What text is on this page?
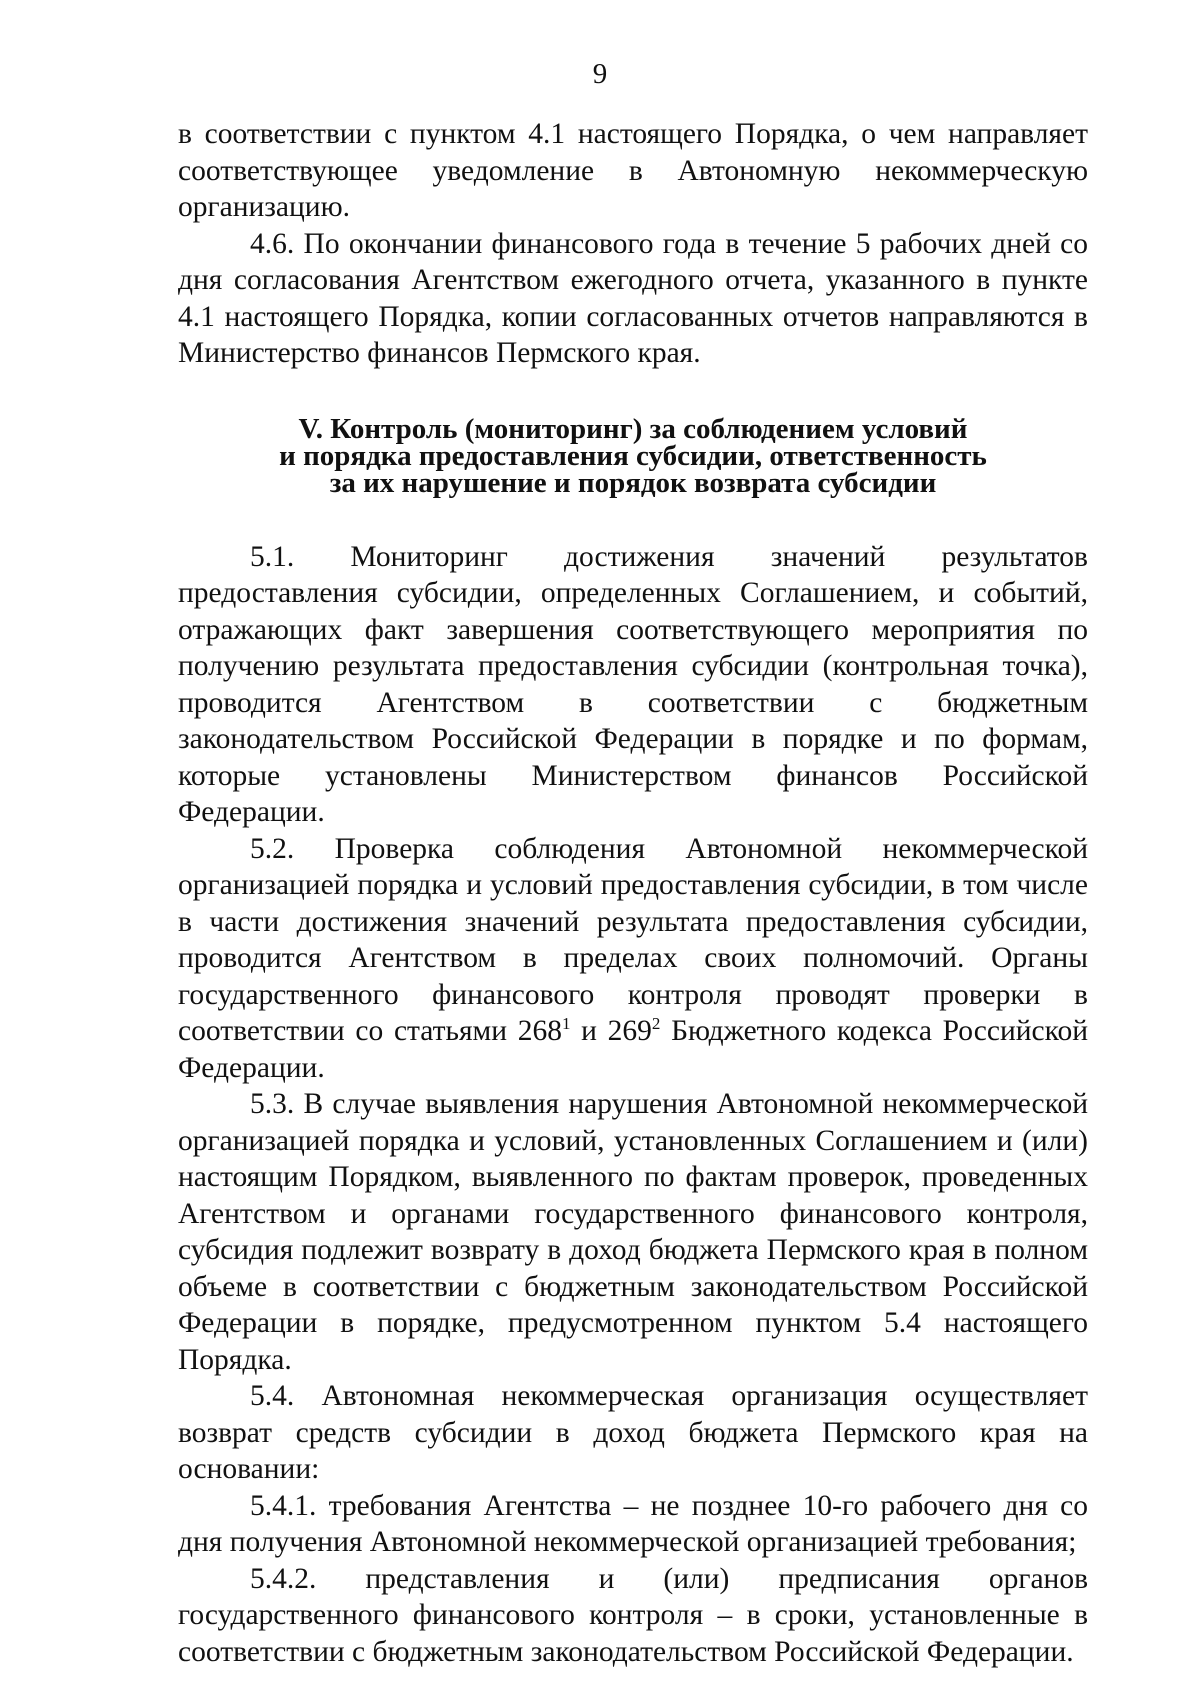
9

в соответствии с пунктом 4.1 настоящего Порядка, о чем направляет соответствующее уведомление в Автономную некоммерческую организацию.

4.6. По окончании финансового года в течение 5 рабочих дней со дня согласования Агентством ежегодного отчета, указанного в пункте 4.1 настоящего Порядка, копии согласованных отчетов направляются в Министерство финансов Пермского края.

V. Контроль (мониторинг) за соблюдением условий
и порядка предоставления субсидии, ответственность
за их нарушение и порядок возврата субсидии

5.1. Мониторинг достижения значений результатов предоставления субсидии, определенных Соглашением, и событий, отражающих факт завершения соответствующего мероприятия по получению результата предоставления субсидии (контрольная точка), проводится Агентством в соответствии с бюджетным законодательством Российской Федерации в порядке и по формам, которые установлены Министерством финансов Российской Федерации.

5.2. Проверка соблюдения Автономной некоммерческой организацией порядка и условий предоставления субсидии, в том числе в части достижения значений результата предоставления субсидии, проводится Агентством в пределах своих полномочий. Органы государственного финансового контроля проводят проверки в соответствии со статьями $268^1$ и $269^2$ Бюджетного кодекса Российской Федерации.

5.3. В случае выявления нарушения Автономной некоммерческой организацией порядка и условий, установленных Соглашением и (или) настоящим Порядком, выявленного по фактам проверок, проведенных Агентством и органами государственного финансового контроля, субсидия подлежит возврату в доход бюджета Пермского края в полном объеме в соответствии с бюджетным законодательством Российской Федерации в порядке, предусмотренном пунктом 5.4 настоящего Порядка.

5.4. Автономная некоммерческая организация осуществляет возврат средств субсидии в доход бюджета Пермского края на основании:

5.4.1. требования Агентства – не позднее 10-го рабочего дня со дня получения Автономной некоммерческой организацией требования;

5.4.2. представления и (или) предписания органов государственного финансового контроля – в сроки, установленные в соответствии с бюджетным законодательством Российской Федерации.
